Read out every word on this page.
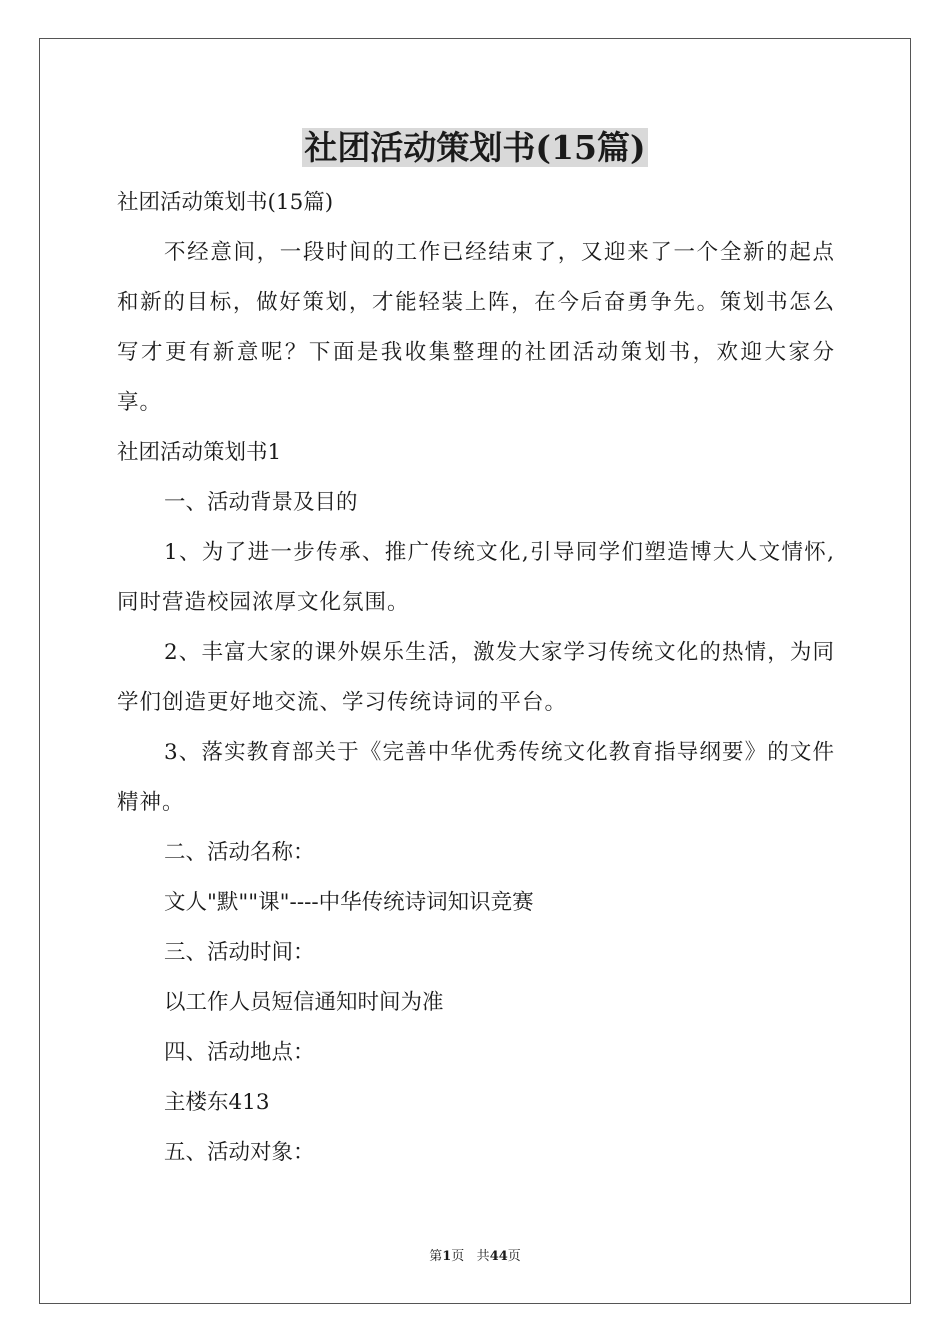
社团活动策划书(15篇)

社团活动策划书(15篇)

不经意间，一段时间的工作已经结束了，又迎来了一个全新的起点和新的目标，做好策划，才能轻装上阵，在今后奋勇争先。策划书怎么写才更有新意呢？下面是我收集整理的社团活动策划书，欢迎大家分享。

社团活动策划书1

一、活动背景及目的

1、为了进一步传承、推广传统文化,引导同学们塑造博大人文情怀,同时营造校园浓厚文化氛围。

2、丰富大家的课外娱乐生活，激发大家学习传统文化的热情，为同学们创造更好地交流、学习传统诗词的平台。

3、落实教育部关于《完善中华优秀传统文化教育指导纲要》的文件精神。

二、活动名称：

文人"默""课"----中华传统诗词知识竞赛

三、活动时间：

以工作人员短信通知时间为准

四、活动地点：

主楼东413

五、活动对象：

第1页 共44页
